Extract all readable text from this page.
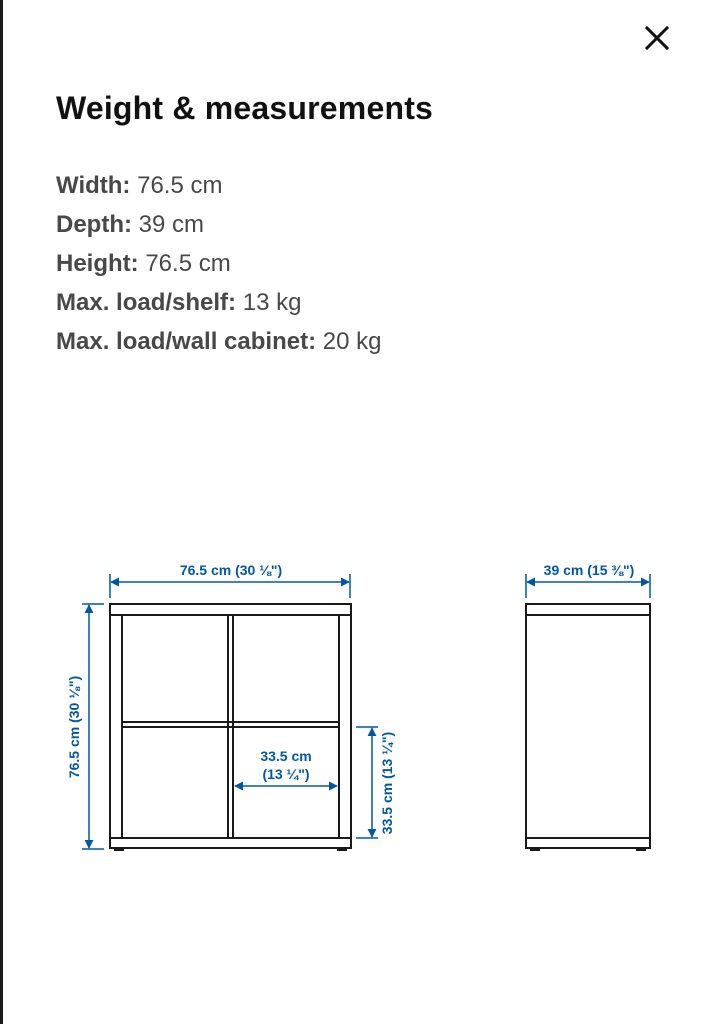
Weight & measurements
Width: 76.5 cm
Depth: 39 cm
Height: 76.5 cm
Max. load/shelf: 13 kg
Max. load/wall cabinet: 20 kg
76.5 cm (30 ⅛")
76.5 cm (30 ⅛")	33.5 cm
(13 ¼")	33.5 cm (13 ¼")
39 cm (15 ⅜")
